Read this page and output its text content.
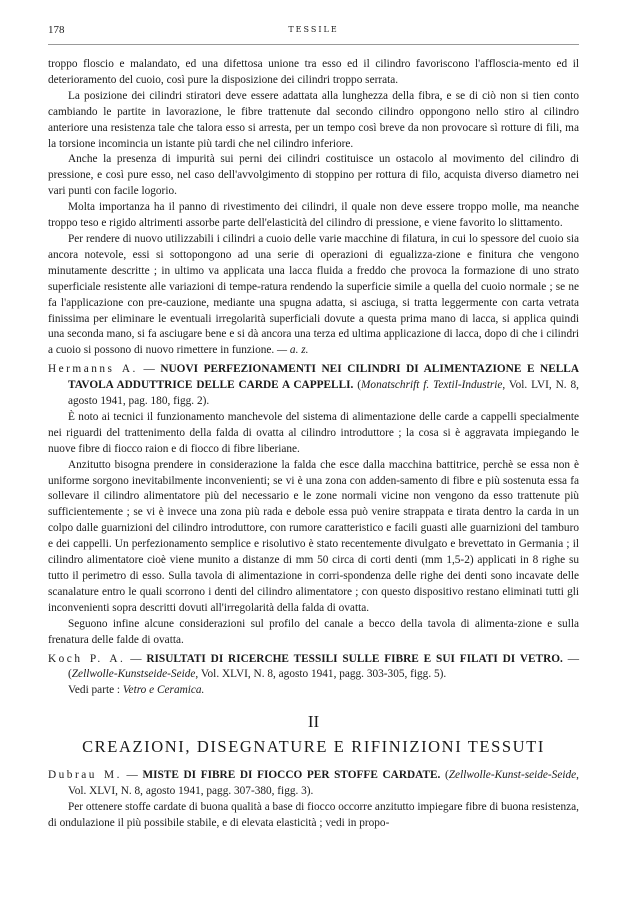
178	TESSILE

troppo floscio e malandato, ed una difettosa unione tra esso ed il cilindro favoriscono l'affloscia-mento ed il deterioramento del cuoio, così pure la disposizione dei cilindri troppo serrata.

La posizione dei cilindri stiratori deve essere adattata alla lunghezza della fibra, e se di ciò non si tien conto cambiando le partite in lavorazione, le fibre trattenute dal secondo cilindro oppongono nello stiro al cilindro anteriore una resistenza tale che talora esso si arresta, per un tempo così breve da non provocare sì rotture di fili, ma la torsione incomincia un istante più tardi che nel cilindro inferiore.

Anche la presenza di impurità sui perni dei cilindri costituisce un ostacolo al movimento del cilindro di pressione, e così pure esso, nel caso dell'avvolgimento di stoppino per rottura di filo, acquista diverso diametro nei vari punti con facile logorio.

Molta importanza ha il panno di rivestimento dei cilindri, il quale non deve essere troppo molle, ma neanche troppo teso e rigido altrimenti assorbe parte dell'elasticità del cilindro di pressione, e viene favorito lo slittamento.

Per rendere di nuovo utilizzabili i cilindri a cuoio delle varie macchine di filatura, in cui lo spessore del cuoio sia ancora notevole, essi si sottopongono ad una serie di operazioni di egualizza-zione e finitura che vengono minutamente descritte ; in ultimo va applicata una lacca fluida a freddo che provoca la formazione di uno strato superficiale resistente alle variazioni di tempe-ratura rendendo la superficie simile a quella del cuoio normale ; se ne fa l'applicazione con pre-cauzione, mediante una spugna adatta, si asciuga, si tratta leggermente con carta vetrata finissima per eliminare le eventuali irregolarità superficiali dovute a questa prima mano di lacca, si applica quindi una seconda mano, si fa asciugare bene e si dà ancora una terza ed ultima applicazione di lacca, dopo di che i cilindri a cuoio si possono di nuovo rimettere in funzione. — a. z.

Hermanns A. — NUOVI PERFEZIONAMENTI NEI CILINDRI DI ALIMENTAZIONE E NELLA TAVOLA ADDUTTRICE DELLE CARDE A CAPPELLI. (Monatschrift f. Textil-Industrie, Vol. LVI, N. 8, agosto 1941, pag. 180, figg. 2).

È noto ai tecnici il funzionamento manchevole del sistema di alimentazione delle carde a cappelli specialmente nei riguardi del trattenimento della falda di ovatta al cilindro introduttore ; la cosa si è aggravata impiegando le nuove fibre di fiocco raion e di fiocco di fibre liberiane.

Anzitutto bisogna prendere in considerazione la falda che esce dalla macchina battitrice, perchè se essa non è uniforme sorgono inevitabilmente inconvenienti; se vi è una zona con adden-samento di fibre e più sostenuta essa fa sollevare il cilindro alimentatore più del necessario e le zone normali vicine non vengono da esso trattenute più sufficientemente ; se vi è invece una zona più rada e debole essa può venire strappata e tirata dentro la carda in un colpo dalle guarnizioni del cilindro introduttore, con rumore caratteristico e facili guasti alle guarnizioni del tamburo e dei cappelli. Un perfezionamento semplice e risolutivo è stato recentemente divulgato e brevettato in Germania ; il cilindro alimentatore cioè viene munito a distanze di mm 50 circa di corti denti (mm 1,5-2) applicati in 8 righe su tutto il perimetro di esso. Sulla tavola di alimentazione in corri-spondenza delle righe dei denti sono incavate delle scanalature entro le quali scorrono i denti del cilindro alimentatore ; con questo dispositivo restano eliminati tutti gli inconvenienti sopra descritti dovuti all'irregolarità della falda di ovatta.

Seguono infine alcune considerazioni sul profilo del canale a becco della tavola di alimenta-zione e sulla frenatura delle falde di ovatta.

Koch P. A. — RISULTATI DI RICERCHE TESSILI SULLE FIBRE E SUI FILATI DI VETRO. — (Zellwolle-Kunstseide-Seide, Vol. XLVI, N. 8, agosto 1941, pagg. 303-305, figg. 5).
Vedi parte : Vetro e Ceramica.
II
CREAZIONI, DISEGNATURE E RIFINIZIONI TESSUTI
Dubrau M. — MISTE DI FIBRE DI FIOCCO PER STOFFE CARDATE. (Zellwolle-Kunst-seide-Seide, Vol. XLVI, N. 8, agosto 1941, pagg. 307-380, figg. 3).

Per ottenere stoffe cardate di buona qualità a base di fiocco occorre anzitutto impiegare fibre di buona resistenza, di ondulazione il più possibile stabile, e di elevata elasticità ; vedi in propo-
